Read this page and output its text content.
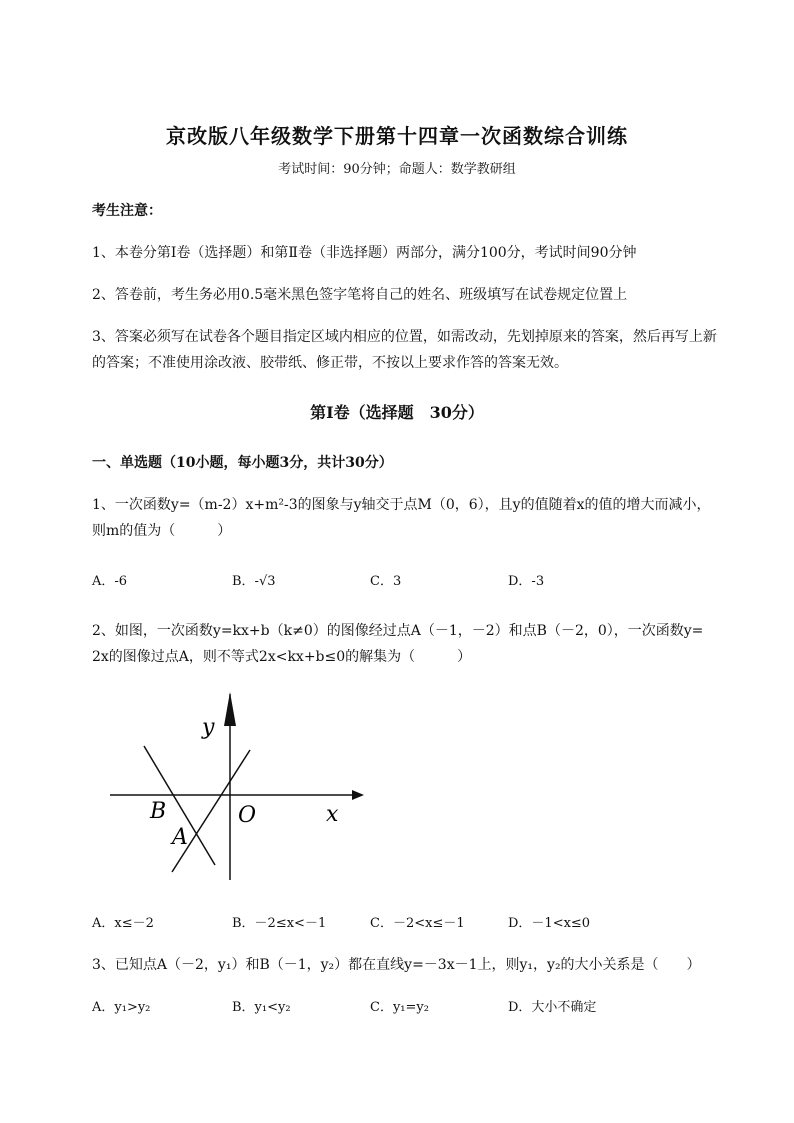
京改版八年级数学下册第十四章一次函数综合训练
考试时间：90分钟；命题人：数学教研组
考生注意：
1、本卷分第Ⅰ卷（选择题）和第Ⅱ卷（非选择题）两部分，满分100分，考试时间90分钟
2、答卷前，考生务必用0.5毫米黑色签字笔将自己的姓名、班级填写在试卷规定位置上
3、答案必须写在试卷各个题目指定区域内相应的位置，如需改动，先划掉原来的答案，然后再写上新
的答案；不准使用涂改液、胶带纸、修正带，不按以上要求作答的答案无效。
第Ⅰ卷（选择题　30分）
一、单选题（10小题，每小题3分，共计30分）
1、一次函数y=（m-2）x+m²-3的图象与y轴交于点M（0，6），且y的值随着x的值的增大而减小，
则m的值为（　　　）
A．-6	B．-√3	C．3	D．-3
2、如图，一次函数y=kx+b（k≠0）的图像经过点A（－1，－2）和点B（－2，0），一次函数y=
2x的图像过点A，则不等式2x<kx+b≤0的解集为（　　　）
y
x
O
B
A
A．x≤－2	B．－2≤x<－1	C．－2<x≤－1	D．－1<x≤0
3、已知点A（－2，y₁）和B（－1，y₂）都在直线y=－3x－1上，则y₁，y₂的大小关系是（　　）
A．y₁>y₂	B．y₁<y₂	C．y₁=y₂	D．大小不确定
